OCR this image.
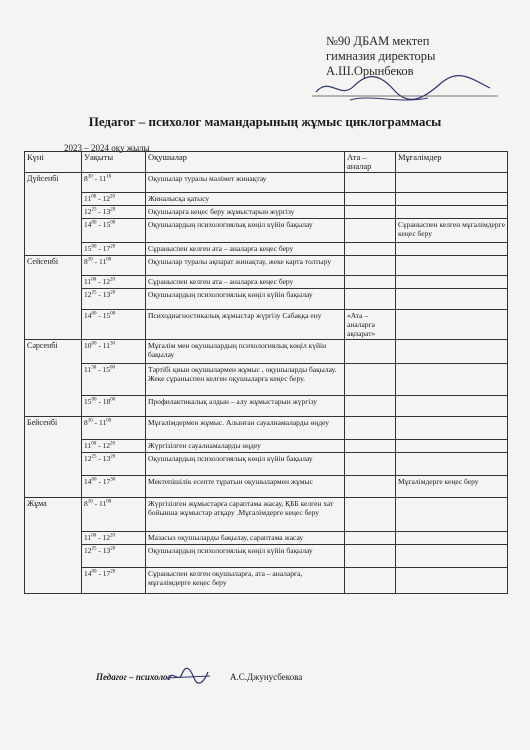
№90 ДБАМ мектеп
гимназия директоры
А.Ш.Орынбеков
Педагог – психолог мамандарының жұмыс циклограммасы
2023 – 2024 оқу жылы
Күні	Уақыты	Оқушылар	Ата – аналар	Мұғалімдер
Дүйсенбі	$8^{30} - 11^{10}$	Оқушылар туралы мәлімет жинақтау		
	$11^{00} - 12^{20}$	Жиналысқа қатысу		
	$12^{25} - 13^{20}$	Оқушыларға кеңес беру жұмыстарын жүргізу		
	$14^{00} - 15^{00}$	Оқушылардың психологиялық көңіл күйін бақылау		Сұраныспен келген мұғалімдерге кеңес беру
	$15^{00} - 17^{20}$	Сұраныспен келген ата – аналарға кеңес беру		
Сейсенбі	$8^{30} - 11^{00}$	Оқушылар туралы ақпарат жинақтау, жеке карта толтыру		
	$11^{00} - 12^{20}$	Сұраныспен келген ата – аналарға кеңес беру		
	$12^{25} - 13^{20}$	Оқушылардың психологиялық көңіл күйін бақылау		
	$14^{00} - 15^{00}$	Психодиагностикалық жұмыстар жүргізу Сабаққа ену	«Ата – аналарға ақпарат»	
Сәрсенбі	$10^{00} - 11^{30}$	Мұғалім мен оқушылардың психологиялық көңіл күйін бақылау		
	$11^{30} - 15^{00}$	Тәртібі қиын оқушылармен жұмыс , оқушыларды бақылау. Жеке сұраныспен келген оқушыларға кеңес беру.		
	$15^{00} - 18^{00}$	Профилактикалық алдын – алу жұмыстарын жүргізу		
Бейсенбі	$8^{30} - 11^{00}$	Мұғалімдермен жұмыс. Алынған сауалнамаларды өңдеу		
	$11^{00} - 12^{20}$	Жүргізілген сауалнамаларды өңдеу		
	$12^{25} - 13^{20}$	Оқушылардың психологиялық көңіл күйін бақылау		
	$14^{00} - 17^{30}$	Мектепішілік есепте тұратын оқушылармен жұмыс		Мұғалімдерге кеңес беру
Жұма	$8^{30} - 11^{00}$	Жүргізілген жұмыстарға сараптама жасау, ҚББ келген хат бойынша жұмыстар атқару .Мұғалімдерге кеңес беру		
	$11^{00} - 12^{20}$	Мазасыз оқушыларды бақылау, сараптама жасау		
	$12^{25} - 13^{20}$	Оқушылардың психологиялық көңіл күйін бақылау		
	$14^{00} - 17^{20}$	Сұраныспен келген оқушыларға, ата – аналарға, мұғалімдерге кеңес беру		
Педагог – психолог	А.С.Джунусбекова
